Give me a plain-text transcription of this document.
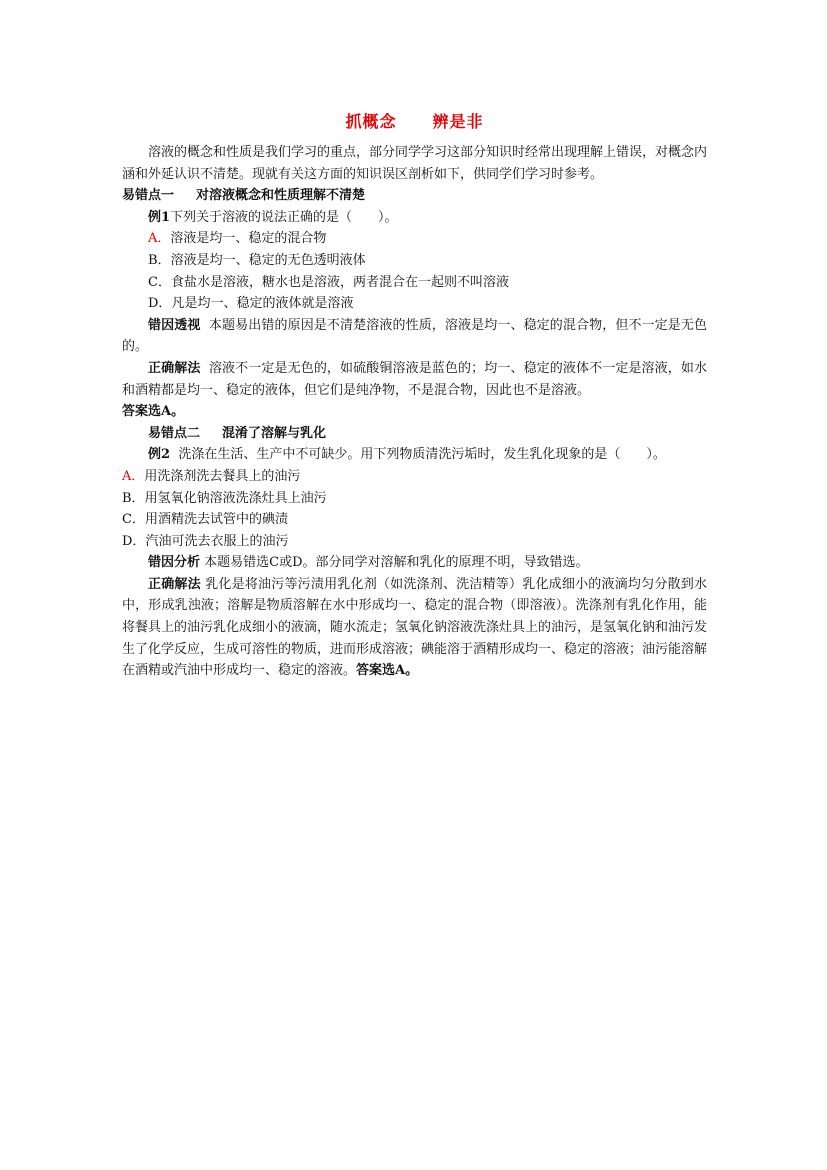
抓概念 辨是非

溶液的概念和性质是我们学习的重点，部分同学学习这部分知识时经常出现理解上错误，对概念内涵和外延认识不清楚。现就有关这方面的知识误区剖析如下，供同学们学习时参考。

易错点一 对溶液概念和性质理解不清楚

例1下列关于溶液的说法正确的是（　　）。

A．溶液是均一、稳定的混合物

B．溶液是均一、稳定的无色透明液体

C．食盐水是溶液，糖水也是溶液，两者混合在一起则不叫溶液

D．凡是均一、稳定的液体就是溶液

错因透视 本题易出错的原因是不清楚溶液的性质，溶液是均一、稳定的混合物，但不一定是无色的。

正确解法 溶液不一定是无色的，如硫酸铜溶液是蓝色的；均一、稳定的液体不一定是溶液，如水和酒精都是均一、稳定的液体，但它们是纯净物，不是混合物，因此也不是溶液。

答案选A。

易错点二 混淆了溶解与乳化

例2 洗涤在生活、生产中不可缺少。用下列物质清洗污垢时，发生乳化现象的是（　　）。

A．用洗涤剂洗去餐具上的油污

B．用氢氧化钠溶液洗涤灶具上油污

C．用酒精洗去试管中的碘渍

D．汽油可洗去衣服上的油污

错因分析 本题易错选C或D。部分同学对溶解和乳化的原理不明，导致错选。

正确解法 乳化是将油污等污渍用乳化剂（如洗涤剂、洗洁精等）乳化成细小的液滴均匀分散到水中，形成乳浊液；溶解是物质溶解在水中形成均一、稳定的混合物（即溶液）。洗涤剂有乳化作用，能将餐具上的油污乳化成细小的液滴，随水流走；氢氧化钠溶液洗涤灶具上的油污，是氢氧化钠和油污发生了化学反应，生成可溶性的物质，进而形成溶液；碘能溶于酒精形成均一、稳定的溶液；油污能溶解在酒精或汽油中形成均一、稳定的溶液。答案选A。
